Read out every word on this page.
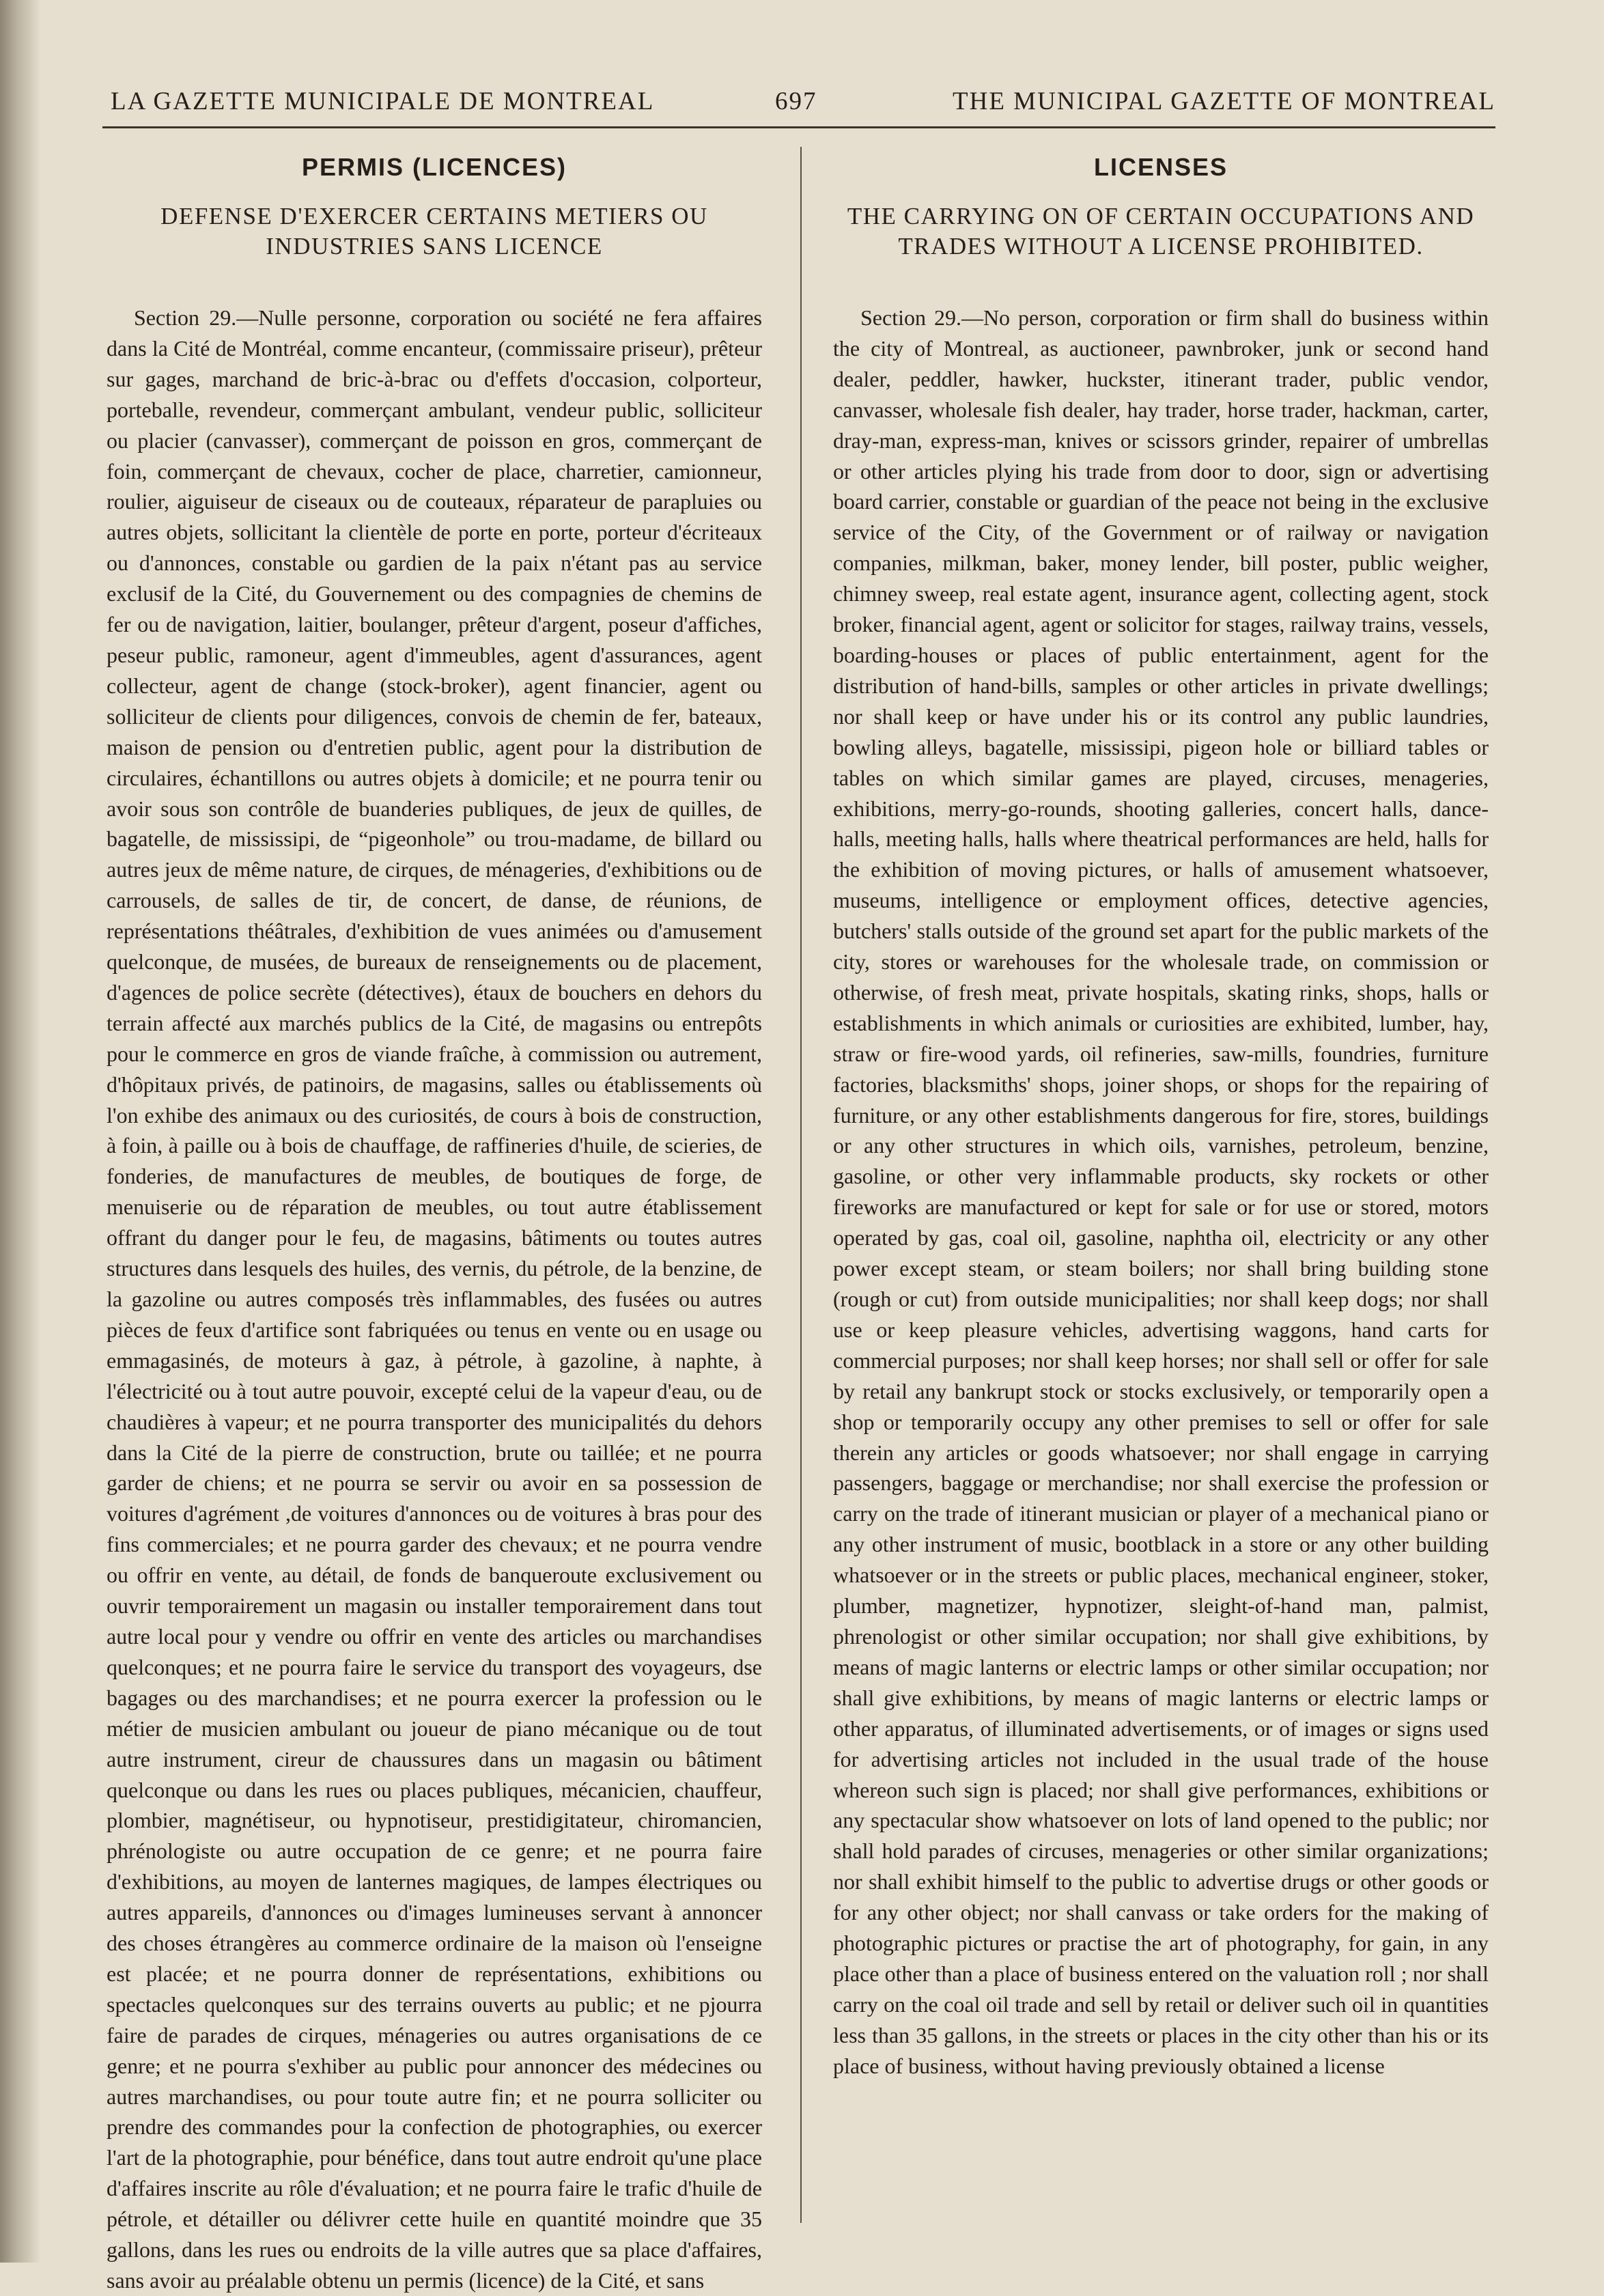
LA GAZETTE MUNICIPALE DE MONTREAL	697	THE MUNICIPAL GAZETTE OF MONTREAL
PERMIS (LICENCES)
DEFENSE D'EXERCER CERTAINS METIERS OU INDUSTRIES SANS LICENCE

Section 29.—Nulle personne, corporation ou société ne fera affaires dans la Cité de Montréal, comme encanteur, (commissaire priseur), prêteur sur gages, marchand de bric-à-brac ou d'effets d'occasion, colporteur, porteballe, revendeur, commerçant ambulant, vendeur public, solliciteur ou placier (canvasser), commerçant de poisson en gros, commerçant de foin, commerçant de chevaux, cocher de place, charretier, camionneur, roulier, aiguiseur de ciseaux ou de couteaux, réparateur de parapluies ou autres objets, sollicitant la clientèle de porte en porte, porteur d'écriteaux ou d'annonces, constable ou gardien de la paix n'étant pas au service exclusif de la Cité, du Gouvernement ou des compagnies de chemins de fer ou de navigation, laitier, boulanger, prêteur d'argent, poseur d'affiches, peseur public, ramoneur, agent d'immeubles, agent d'assurances, agent collecteur, agent de change (stock-broker), agent financier, agent ou solliciteur de clients pour diligences, convois de chemin de fer, bateaux, maison de pension ou d'entretien public, agent pour la distribution de circulaires, échantillons ou autres objets à domicile; et ne pourra tenir ou avoir sous son contrôle de buanderies publiques, de jeux de quilles, de bagatelle, de mississipi, de “pigeonhole” ou trou-madame, de billard ou autres jeux de même nature, de cirques, de ménageries, d'exhibitions ou de carrousels, de salles de tir, de concert, de danse, de réunions, de représentations théâtrales, d'exhibition de vues animées ou d'amusement quelconque, de musées, de bureaux de renseignements ou de placement, d'agences de police secrète (détectives), étaux de bouchers en dehors du terrain affecté aux marchés publics de la Cité, de magasins ou entrepôts pour le commerce en gros de viande fraîche, à commission ou autrement, d'hôpitaux privés, de patinoirs, de magasins, salles ou établissements où l'on exhibe des animaux ou des curiosités, de cours à bois de construction, à foin, à paille ou à bois de chauffage, de raffineries d'huile, de scieries, de fonderies, de manufactures de meubles, de boutiques de forge, de menuiserie ou de réparation de meubles, ou tout autre établissement offrant du danger pour le feu, de magasins, bâtiments ou toutes autres structures dans lesquels des huiles, des vernis, du pétrole, de la benzine, de la gazoline ou autres composés très inflammables, des fusées ou autres pièces de feux d'artifice sont fabriquées ou tenus en vente ou en usage ou emmagasinés, de moteurs à gaz, à pétrole, à gazoline, à naphte, à l'électricité ou à tout autre pouvoir, excepté celui de la vapeur d'eau, ou de chaudières à vapeur; et ne pourra transporter des municipalités du dehors dans la Cité de la pierre de construction, brute ou taillée; et ne pourra garder de chiens; et ne pourra se servir ou avoir en sa possession de voitures d'agrément ,de voitures d'annonces ou de voitures à bras pour des fins commerciales; et ne pourra garder des chevaux; et ne pourra vendre ou offrir en vente, au détail, de fonds de banqueroute exclusivement ou ouvrir temporairement un magasin ou installer temporairement dans tout autre local pour y vendre ou offrir en vente des articles ou marchandises quelconques; et ne pourra faire le service du transport des voyageurs, dse bagages ou des marchandises; et ne pourra exercer la profession ou le métier de musicien ambulant ou joueur de piano mécanique ou de tout autre instrument, cireur de chaussures dans un magasin ou bâtiment quelconque ou dans les rues ou places publiques, mécanicien, chauffeur, plombier, magnétiseur, ou hypnotiseur, prestidigitateur, chiromancien, phrénologiste ou autre occupation de ce genre; et ne pourra faire d'exhibitions, au moyen de lanternes magiques, de lampes électriques ou autres appareils, d'annonces ou d'images lumineuses servant à annoncer des choses étrangères au commerce ordinaire de la maison où l'enseigne est placée; et ne pourra donner de représentations, exhibitions ou spectacles quelconques sur des terrains ouverts au public; et ne pjourra faire de parades de cirques, ménageries ou autres organisations de ce genre; et ne pourra s'exhiber au public pour annoncer des médecines ou autres marchandises, ou pour toute autre fin; et ne pourra solliciter ou prendre des commandes pour la confection de photographies, ou exercer l'art de la photographie, pour bénéfice, dans tout autre endroit qu'une place d'affaires inscrite au rôle d'évaluation; et ne pourra faire le trafic d'huile de pétrole, et détailler ou délivrer cette huile en quantité moindre que 35 gallons, dans les rues ou endroits de la ville autres que sa place d'affaires, sans avoir au préalable obtenu un permis (licence) de la Cité, et sans

LICENSES
THE CARRYING ON OF CERTAIN OCCUPATIONS AND TRADES WITHOUT A LICENSE PROHIBITED.

Section 29.—No person, corporation or firm shall do business within the city of Montreal, as auctioneer, pawnbroker, junk or second hand dealer, peddler, hawker, huckster, itinerant trader, public vendor, canvasser, wholesale fish dealer, hay trader, horse trader, hackman, carter, dray-man, express-man, knives or scissors grinder, repairer of umbrellas or other articles plying his trade from door to door, sign or advertising board carrier, constable or guardian of the peace not being in the exclusive service of the City, of the Government or of railway or navigation companies, milkman, baker, money lender, bill poster, public weigher, chimney sweep, real estate agent, insurance agent, collecting agent, stock broker, financial agent, agent or solicitor for stages, railway trains, vessels, boarding-houses or places of public entertainment, agent for the distribution of hand-bills, samples or other articles in private dwellings; nor shall keep or have under his or its control any public laundries, bowling alleys, bagatelle, mississipi, pigeon hole or billiard tables or tables on which similar games are played, circuses, menageries, exhibitions, merry-go-rounds, shooting galleries, concert halls, dance-halls, meeting halls, halls where theatrical performances are held, halls for the exhibition of moving pictures, or halls of amusement whatsoever, museums, intelligence or employment offices, detective agencies, butchers' stalls outside of the ground set apart for the public markets of the city, stores or warehouses for the wholesale trade, on commission or otherwise, of fresh meat, private hospitals, skating rinks, shops, halls or establishments in which animals or curiosities are exhibited, lumber, hay, straw or fire-wood yards, oil refineries, saw-mills, foundries, furniture factories, blacksmiths' shops, joiner shops, or shops for the repairing of furniture, or any other establishments dangerous for fire, stores, buildings or any other structures in which oils, varnishes, petroleum, benzine, gasoline, or other very inflammable products, sky rockets or other fireworks are manufactured or kept for sale or for use or stored, motors operated by gas, coal oil, gasoline, naphtha oil, electricity or any other power except steam, or steam boilers; nor shall bring building stone (rough or cut) from outside municipalities; nor shall keep dogs; nor shall use or keep pleasure vehicles, advertising waggons, hand carts for commercial purposes; nor shall keep horses; nor shall sell or offer for sale by retail any bankrupt stock or stocks exclusively, or temporarily open a shop or temporarily occupy any other premises to sell or offer for sale therein any articles or goods whatsoever; nor shall engage in carrying passengers, baggage or merchandise; nor shall exercise the profession or carry on the trade of itinerant musician or player of a mechanical piano or any other instrument of music, bootblack in a store or any other building whatsoever or in the streets or public places, mechanical engineer, stoker, plumber, magnetizer, hypnotizer, sleight-of-hand man, palmist, phrenologist or other similar occupation; nor shall give exhibitions, by means of magic lanterns or electric lamps or other similar occupation; nor shall give exhibitions, by means of magic lanterns or electric lamps or other apparatus, of illuminated advertisements, or of images or signs used for advertising articles not included in the usual trade of the house whereon such sign is placed; nor shall give performances, exhibitions or any spectacular show whatsoever on lots of land opened to the public; nor shall hold parades of circuses, menageries or other similar organizations; nor shall exhibit himself to the public to advertise drugs or other goods or for any other object; nor shall canvass or take orders for the making of photographic pictures or practise the art of photography, for gain, in any place other than a place of business entered on the valuation roll ; nor shall carry on the coal oil trade and sell by retail or deliver such oil in quantities less than 35 gallons, in the streets or places in the city other than his or its place of business, without having previously obtained a license
